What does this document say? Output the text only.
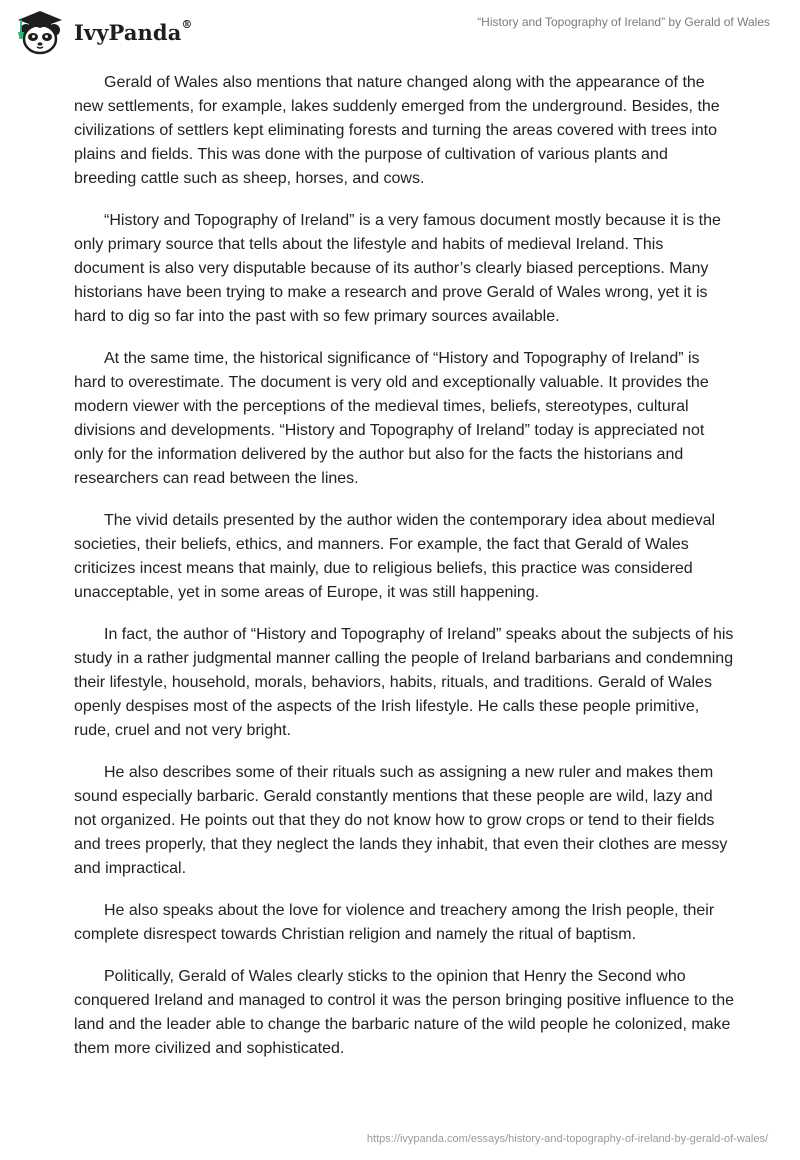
IvyPanda®	“History and Topography of Ireland” by Gerald of Wales

Gerald of Wales also mentions that nature changed along with the appearance of the new settlements, for example, lakes suddenly emerged from the underground. Besides, the civilizations of settlers kept eliminating forests and turning the areas covered with trees into plains and fields. This was done with the purpose of cultivation of various plants and breeding cattle such as sheep, horses, and cows.

“History and Topography of Ireland” is a very famous document mostly because it is the only primary source that tells about the lifestyle and habits of medieval Ireland. This document is also very disputable because of its author’s clearly biased perceptions. Many historians have been trying to make a research and prove Gerald of Wales wrong, yet it is hard to dig so far into the past with so few primary sources available.

At the same time, the historical significance of “History and Topography of Ireland” is hard to overestimate. The document is very old and exceptionally valuable. It provides the modern viewer with the perceptions of the medieval times, beliefs, stereotypes, cultural divisions and developments. “History and Topography of Ireland” today is appreciated not only for the information delivered by the author but also for the facts the historians and researchers can read between the lines.

The vivid details presented by the author widen the contemporary idea about medieval societies, their beliefs, ethics, and manners. For example, the fact that Gerald of Wales criticizes incest means that mainly, due to religious beliefs, this practice was considered unacceptable, yet in some areas of Europe, it was still happening.

In fact, the author of “History and Topography of Ireland” speaks about the subjects of his study in a rather judgmental manner calling the people of Ireland barbarians and condemning their lifestyle, household, morals, behaviors, habits, rituals, and traditions. Gerald of Wales openly despises most of the aspects of the Irish lifestyle. He calls these people primitive, rude, cruel and not very bright.

He also describes some of their rituals such as assigning a new ruler and makes them sound especially barbaric. Gerald constantly mentions that these people are wild, lazy and not organized. He points out that they do not know how to grow crops or tend to their fields and trees properly, that they neglect the lands they inhabit, that even their clothes are messy and impractical.

He also speaks about the love for violence and treachery among the Irish people, their complete disrespect towards Christian religion and namely the ritual of baptism.

Politically, Gerald of Wales clearly sticks to the opinion that Henry the Second who conquered Ireland and managed to control it was the person bringing positive influence to the land and the leader able to change the barbaric nature of the wild people he colonized, make them more civilized and sophisticated.

https://ivypanda.com/essays/history-and-topography-of-ireland-by-gerald-of-wales/
